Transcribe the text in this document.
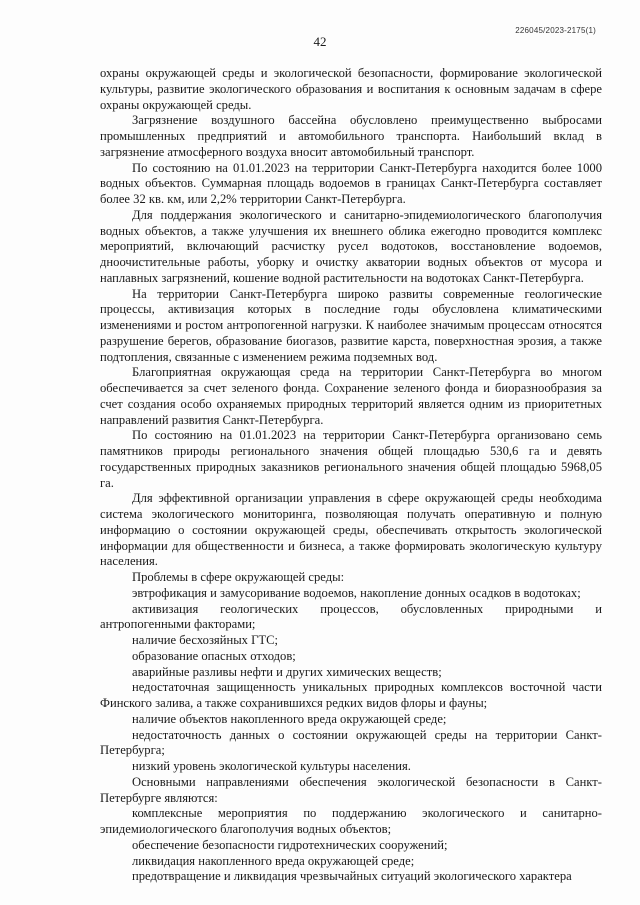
226045/2023-2175(1)
42

охраны окружающей среды и экологической безопасности, формирование экологической культуры, развитие экологического образования и воспитания к основным задачам в сфере охраны окружающей среды.

Загрязнение воздушного бассейна обусловлено преимущественно выбросами промышленных предприятий и автомобильного транспорта. Наибольший вклад в загрязнение атмосферного воздуха вносит автомобильный транспорт.

По состоянию на 01.01.2023 на территории Санкт-Петербурга находится более 1000 водных объектов. Суммарная площадь водоемов в границах Санкт-Петербурга составляет более 32 кв. км, или 2,2% территории Санкт-Петербурга.

Для поддержания экологического и санитарно-эпидемиологического благополучия водных объектов, а также улучшения их внешнего облика ежегодно проводится комплекс мероприятий, включающий расчистку русел водотоков, восстановление водоемов, дноочистительные работы, уборку и очистку акватории водных объектов от мусора и наплавных загрязнений, кошение водной растительности на водотоках Санкт-Петербурга.

На территории Санкт-Петербурга широко развиты современные геологические процессы, активизация которых в последние годы обусловлена климатическими изменениями и ростом антропогенной нагрузки. К наиболее значимым процессам относятся разрушение берегов, образование биогазов, развитие карста, поверхностная эрозия, а также подтопления, связанные с изменением режима подземных вод.

Благоприятная окружающая среда на территории Санкт-Петербурга во многом обеспечивается за счет зеленого фонда. Сохранение зеленого фонда и биоразнообразия за счет создания особо охраняемых природных территорий является одним из приоритетных направлений развития Санкт-Петербурга.

По состоянию на 01.01.2023 на территории Санкт-Петербурга организовано семь памятников природы регионального значения общей площадью 530,6 га и девять государственных природных заказников регионального значения общей площадью 5968,05 га.

Для эффективной организации управления в сфере окружающей среды необходима система экологического мониторинга, позволяющая получать оперативную и полную информацию о состоянии окружающей среды, обеспечивать открытость экологической информации для общественности и бизнеса, а также формировать экологическую культуру населения.

Проблемы в сфере окружающей среды:

эвтрофикация и замусоривание водоемов, накопление донных осадков в водотоках;

активизация геологических процессов, обусловленных природными и антропогенными факторами;

наличие бесхозяйных ГТС;

образование опасных отходов;

аварийные разливы нефти и других химических веществ;

недостаточная защищенность уникальных природных комплексов восточной части Финского залива, а также сохранившихся редких видов флоры и фауны;

наличие объектов накопленного вреда окружающей среде;

недостаточность данных о состоянии окружающей среды на территории Санкт-Петербурга;

низкий уровень экологической культуры населения.

Основными направлениями обеспечения экологической безопасности в Санкт-Петербурге являются:

комплексные мероприятия по поддержанию экологического и санитарно-эпидемиологического благополучия водных объектов;

обеспечение безопасности гидротехнических сооружений;

ликвидация накопленного вреда окружающей среде;

предотвращение и ликвидация чрезвычайных ситуаций экологического характера
